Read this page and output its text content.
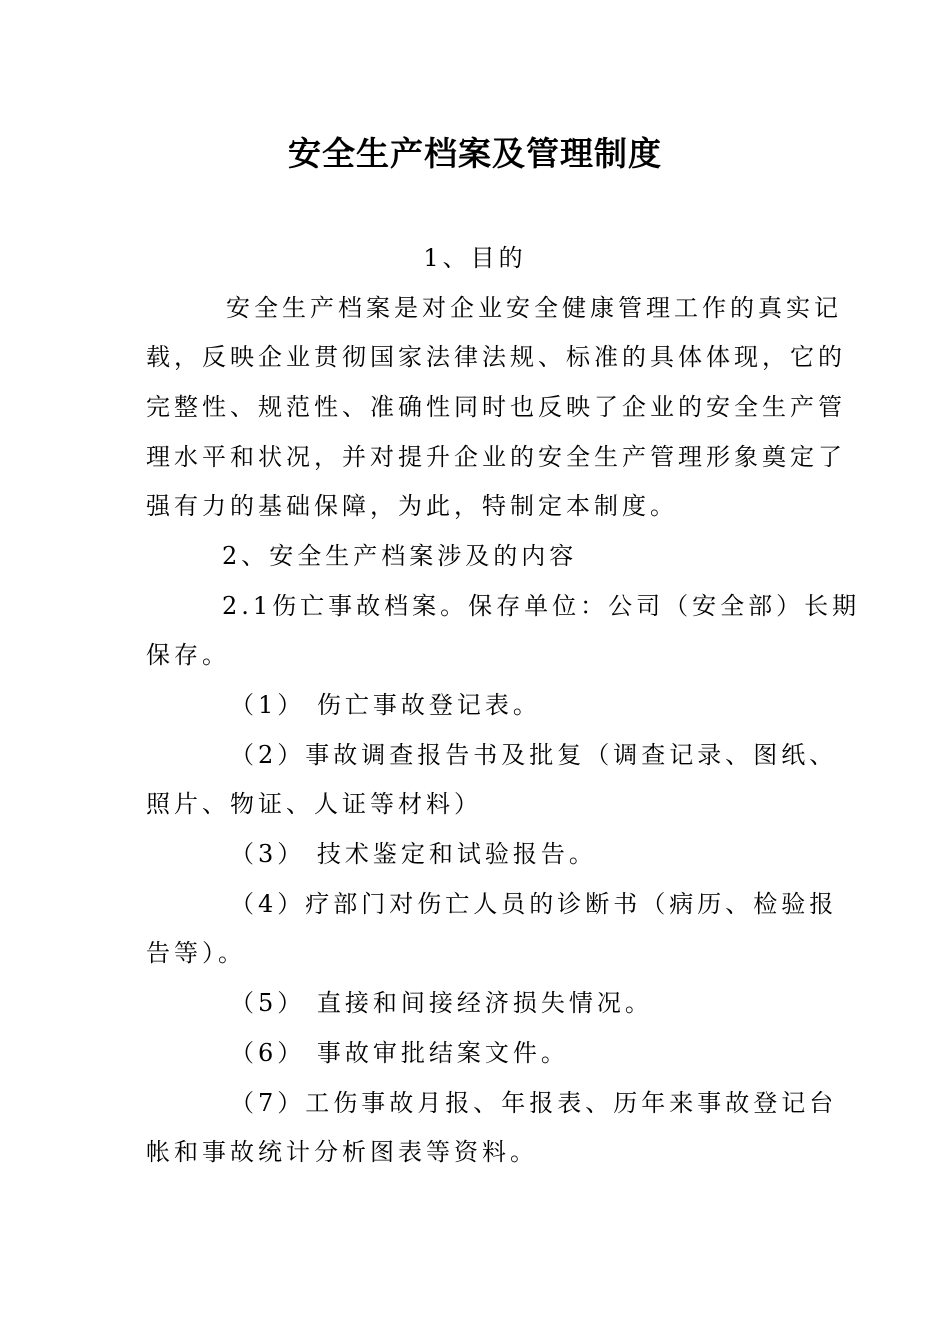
安全生产档案及管理制度
1、目的
安全生产档案是对企业安全健康管理工作的真实记
载，反映企业贯彻国家法律法规、标准的具体体现，它的
完整性、规范性、准确性同时也反映了企业的安全生产管
理水平和状况，并对提升企业的安全生产管理形象奠定了
强有力的基础保障，为此，特制定本制度。
2、安全生产档案涉及的内容
2.1伤亡事故档案。保存单位：公司（安全部）长期
保存。
（1） 伤亡事故登记表。
（2）事故调查报告书及批复（调查记录、图纸、
照片、物证、人证等材料）
（3） 技术鉴定和试验报告。
（4）疗部门对伤亡人员的诊断书（病历、检验报
告等）。
（5） 直接和间接经济损失情况。
（6） 事故审批结案文件。
（7）工伤事故月报、年报表、历年来事故登记台
帐和事故统计分析图表等资料。
